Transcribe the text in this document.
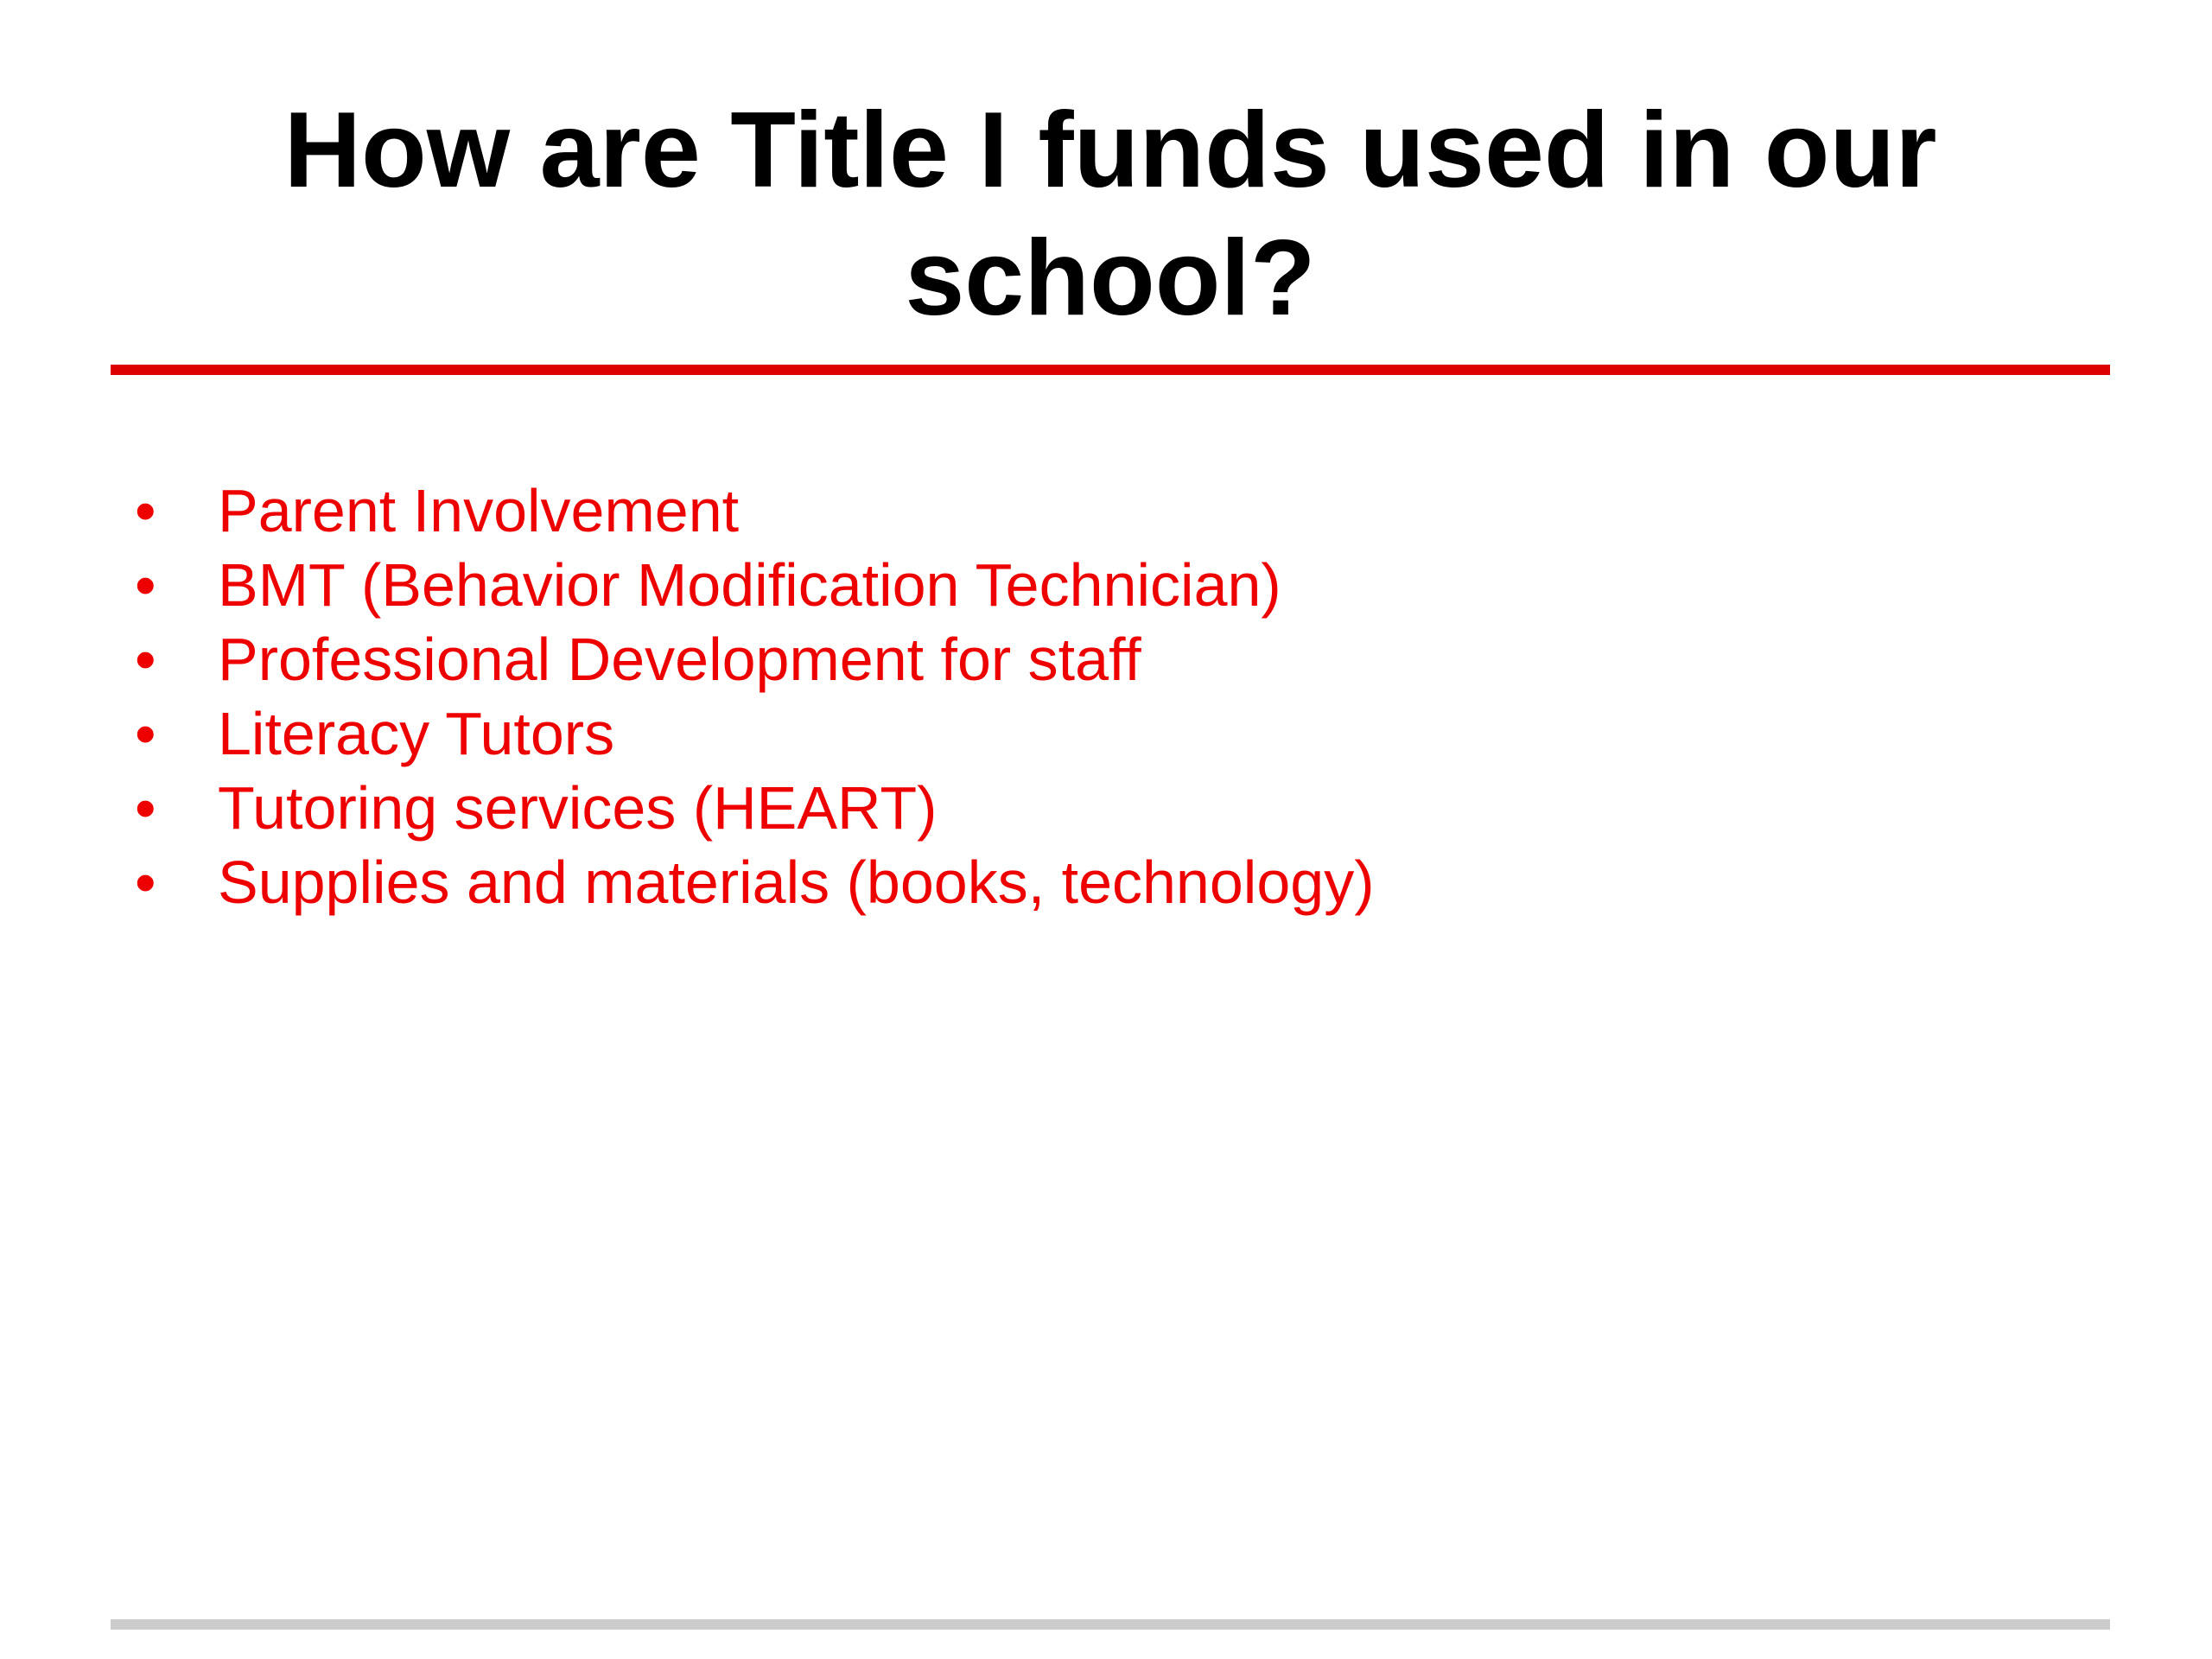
How are Title I funds used in our school?
• Parent Involvement
• BMT (Behavior Modification Technician)
• Professional Development for staff
• Literacy Tutors
• Tutoring services (HEART)
• Supplies and materials (books, technology)
